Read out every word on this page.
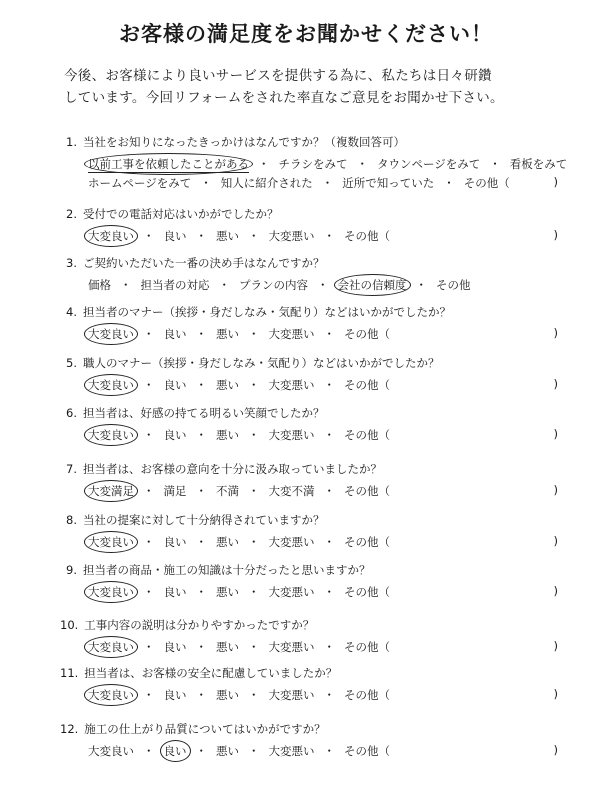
お客様の満足度をお聞かせください！
今後、お客様により良いサービスを提供する為に、私たちは日々研鑽
しています。今回リフォームをされた率直なご意見をお聞かせ下さい。
1. 当社をお知りになったきっかけはなんですか？（複数回答可）
以前工事を依頼したことがある ・ チラシをみて ・ タウンページをみて ・ 看板をみて
ホームページをみて ・ 知人に紹介された ・ 近所で知っていた ・ その他（	)
2. 受付での電話対応はいかがでしたか？
大変良い ・ 良い ・ 悪い ・ 大変悪い ・ その他（	)
3. ご契約いただいた一番の決め手はなんですか？
価格 ・ 担当者の対応 ・ プランの内容 ・ 会社の信頼度 ・ その他
4. 担当者のマナー（挨拶・身だしなみ・気配り）などはいかがでしたか？
大変良い ・ 良い ・ 悪い ・ 大変悪い ・ その他（	)
5. 職人のマナー（挨拶・身だしなみ・気配り）などはいかがでしたか？
大変良い ・ 良い ・ 悪い ・ 大変悪い ・ その他（	)
6. 担当者は、好感の持てる明るい笑顔でしたか？
大変良い ・ 良い ・ 悪い ・ 大変悪い ・ その他（	)
7. 担当者は、お客様の意向を十分に汲み取っていましたか？
大変満足 ・ 満足 ・ 不満 ・ 大変不満 ・ その他（	)
8. 当社の提案に対して十分納得されていますか？
大変良い ・ 良い ・ 悪い ・ 大変悪い ・ その他（	)
9. 担当者の商品・施工の知識は十分だったと思いますか？
大変良い ・ 良い ・ 悪い ・ 大変悪い ・ その他（	)
10. 工事内容の説明は分かりやすかったですか？
大変良い ・ 良い ・ 悪い ・ 大変悪い ・ その他（	)
11. 担当者は、お客様の安全に配慮していましたか？
大変良い ・ 良い ・ 悪い ・ 大変悪い ・ その他（	)
12. 施工の仕上がり品質についてはいかがですか？
大変良い ・ 良い ・ 悪い ・ 大変悪い ・ その他（	)
